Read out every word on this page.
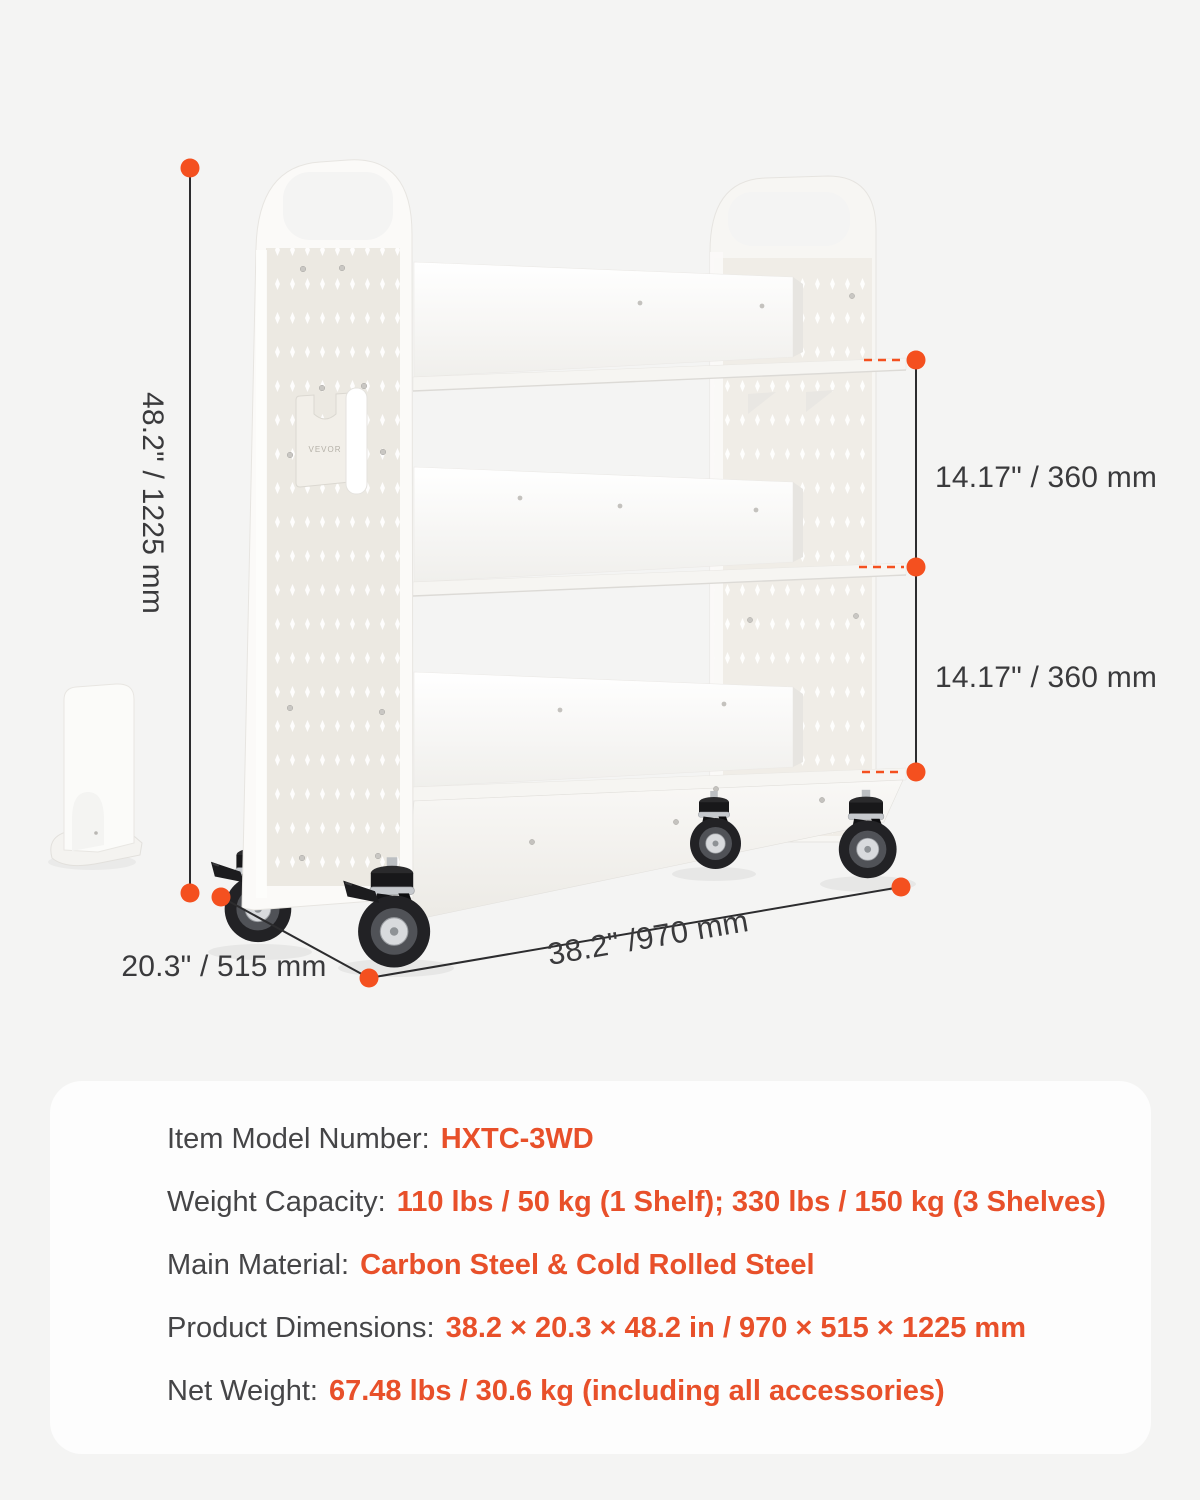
VEVOR
48.2" / 1225 mm	14.17" / 360 mm
14.17" / 360 mm
20.3" / 515 mm	38.2" /970 mm
Item Model Number: HXTC-3WD
Weight Capacity: 110 lbs / 50 kg (1 Shelf); 330 lbs / 150 kg (3 Shelves)
Main Material: Carbon Steel & Cold Rolled Steel
Product Dimensions: 38.2 × 20.3 × 48.2 in / 970 × 515 × 1225 mm
Net Weight: 67.48 lbs / 30.6 kg (including all accessories)
